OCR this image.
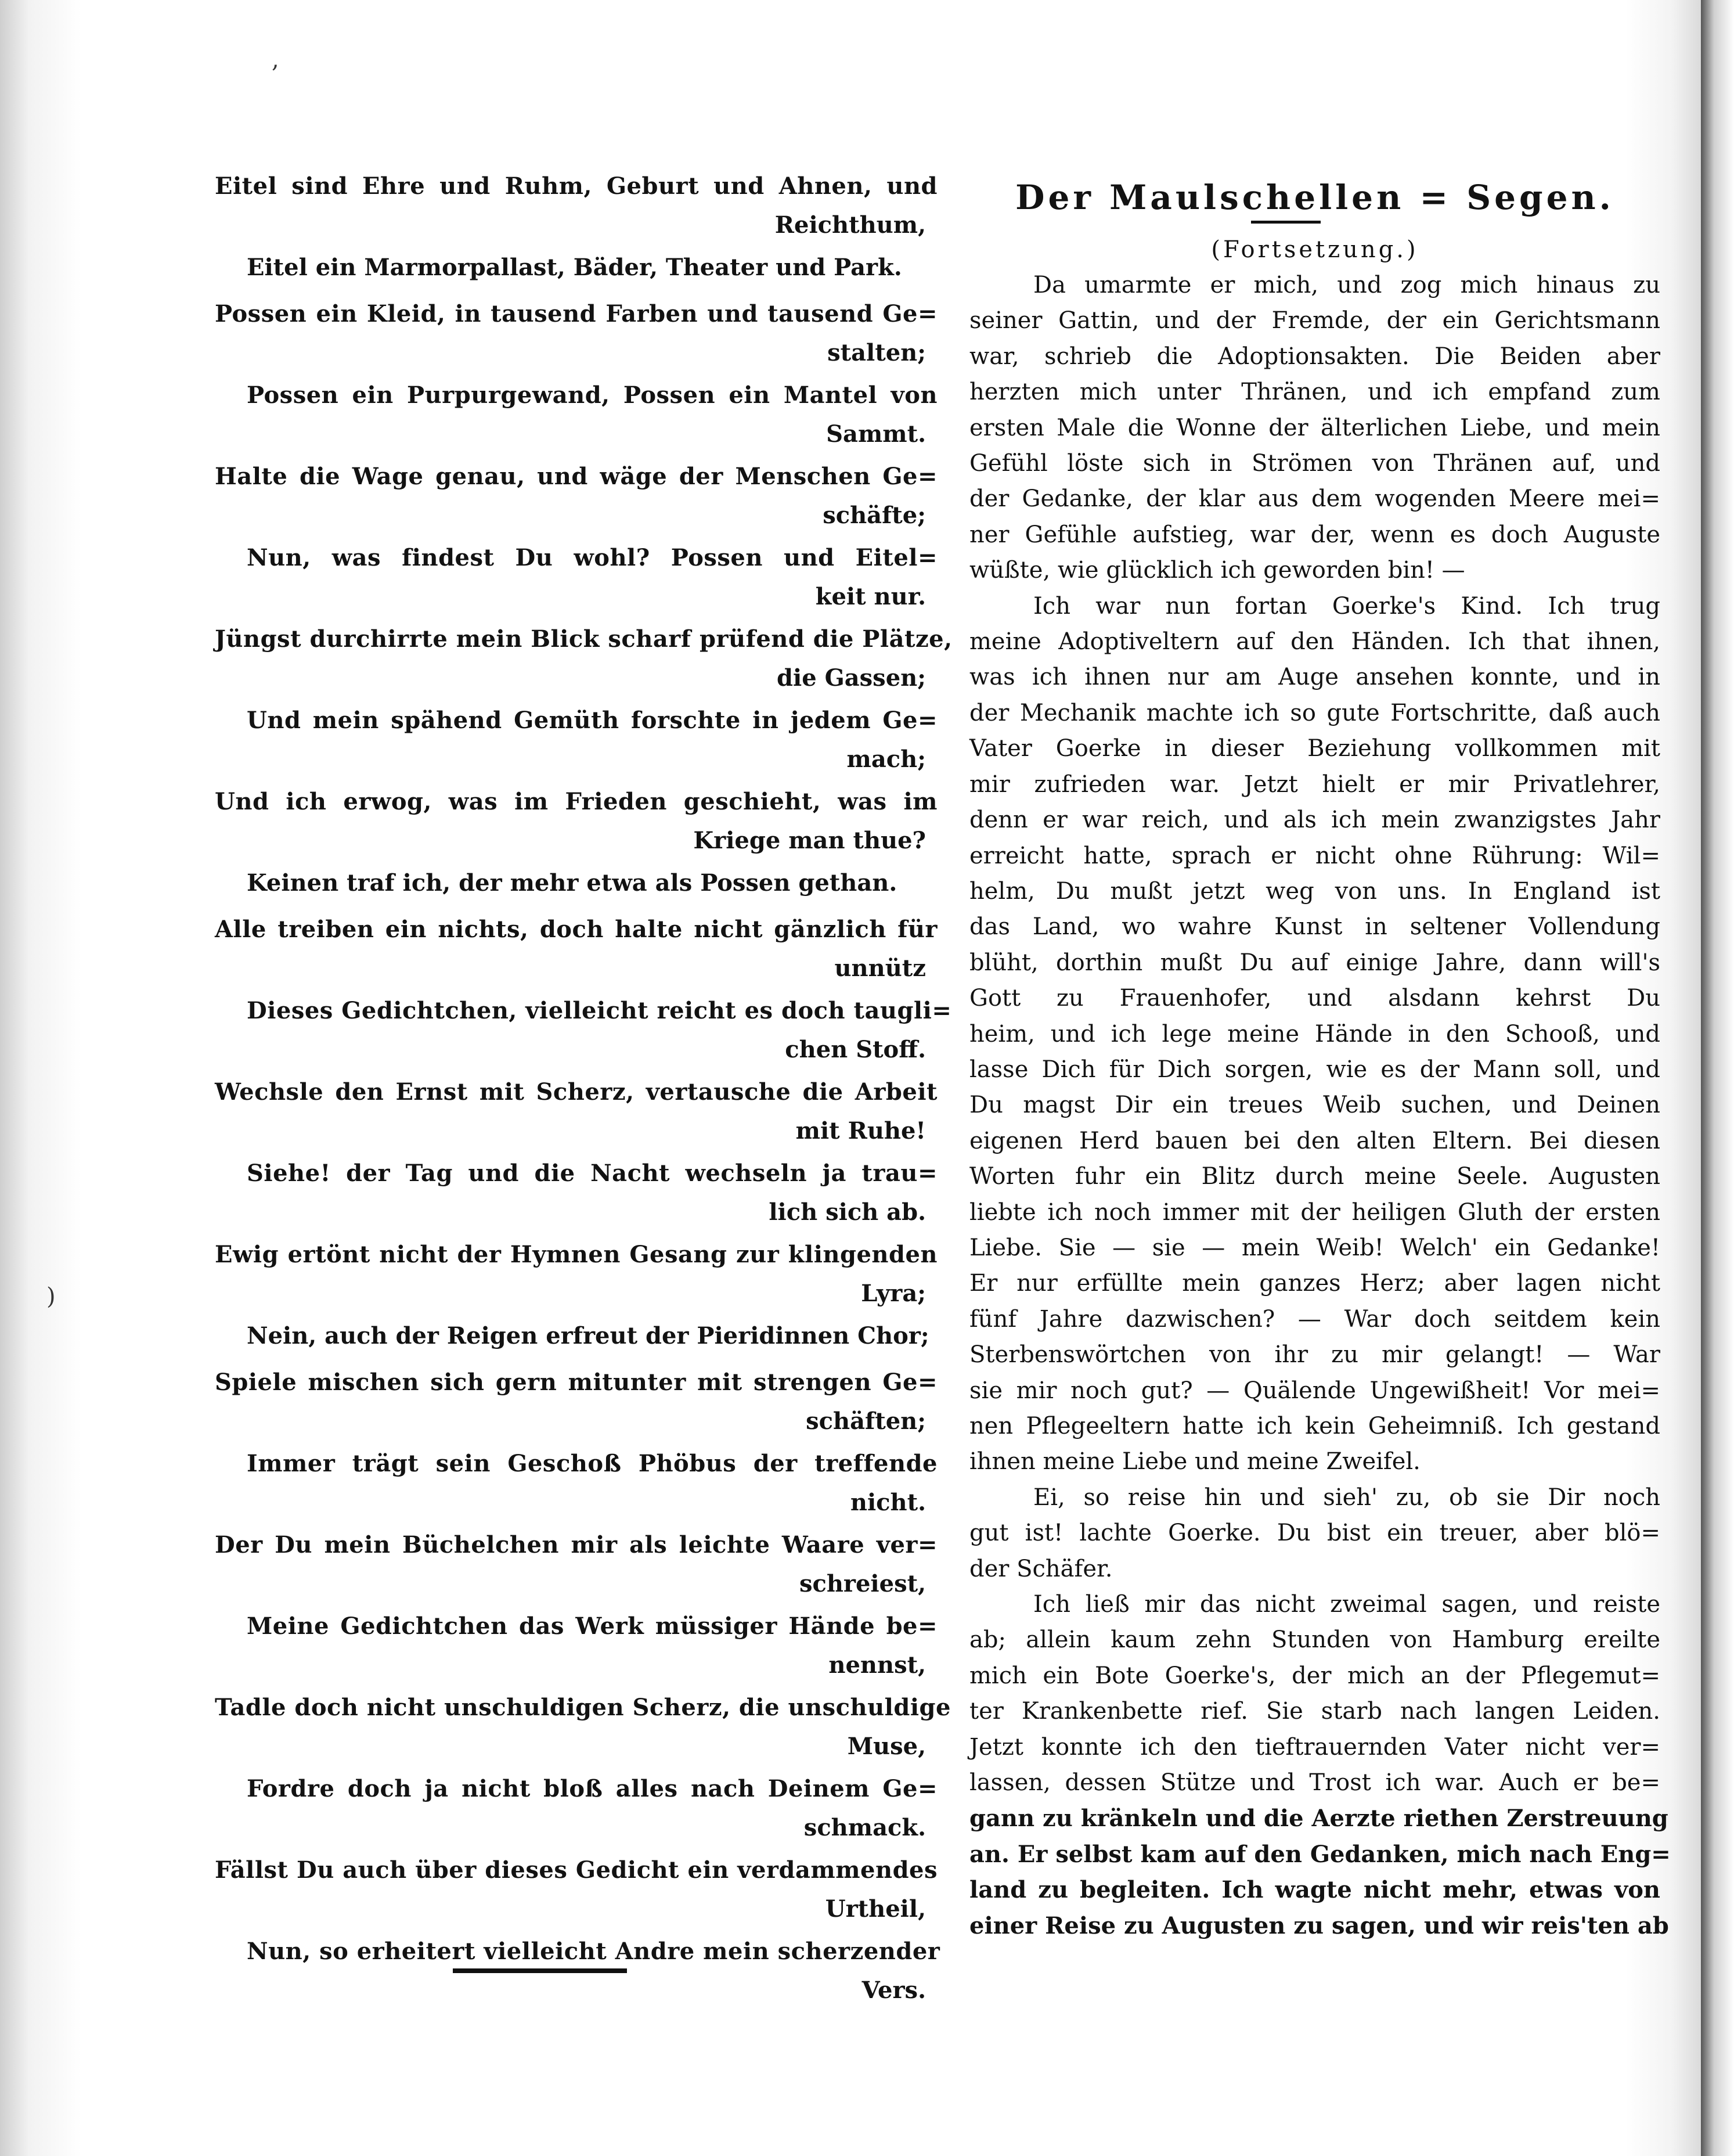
Eitel sind Ehre und Ruhm, Geburt und Ahnen, und
Reichthum,
Eitel ein Marmorpallast, Bäder, Theater und Park.
Possen ein Kleid, in tausend Farben und tausend Ge=
stalten;
Possen ein Purpurgewand, Possen ein Mantel von
Sammt.
Halte die Wage genau, und wäge der Menschen Ge=
schäfte;
Nun, was findest Du wohl? Possen und Eitel=
keit nur.
Jüngst durchirrte mein Blick scharf prüfend die Plätze,
die Gassen;
Und mein spähend Gemüth forschte in jedem Ge=
mach;
Und ich erwog, was im Frieden geschieht, was im
Kriege man thue?
Keinen traf ich, der mehr etwa als Possen gethan.
Alle treiben ein nichts, doch halte nicht gänzlich für
unnütz
Dieses Gedichtchen, vielleicht reicht es doch taugli=
chen Stoff.
Wechsle den Ernst mit Scherz, vertausche die Arbeit
mit Ruhe!
Siehe! der Tag und die Nacht wechseln ja trau=
lich sich ab.
Ewig ertönt nicht der Hymnen Gesang zur klingenden
Lyra;
Nein, auch der Reigen erfreut der Pieridinnen Chor;
Spiele mischen sich gern mitunter mit strengen Ge=
schäften;
Immer trägt sein Geschoß Phöbus der treffende
nicht.
Der Du mein Büchelchen mir als leichte Waare ver=
schreiest,
Meine Gedichtchen das Werk müssiger Hände be=
nennst,
Tadle doch nicht unschuldigen Scherz, die unschuldige
Muse,
Fordre doch ja nicht bloß alles nach Deinem Ge=
schmack.
Fällst Du auch über dieses Gedicht ein verdammendes
Urtheil,
Nun, so erheitert vielleicht Andre mein scherzender
Vers.
Der Maulschellen = Segen.
(Fortsetzung.)
Da umarmte er mich, und zog mich hinaus zu
seiner Gattin, und der Fremde, der ein Gerichtsmann
war, schrieb die Adoptionsakten. Die Beiden aber
herzten mich unter Thränen, und ich empfand zum
ersten Male die Wonne der älterlichen Liebe, und mein
Gefühl löste sich in Strömen von Thränen auf, und
der Gedanke, der klar aus dem wogenden Meere mei=
ner Gefühle aufstieg, war der, wenn es doch Auguste
wüßte, wie glücklich ich geworden bin! —
Ich war nun fortan Goerke's Kind. Ich trug
meine Adoptiveltern auf den Händen. Ich that ihnen,
was ich ihnen nur am Auge ansehen konnte, und in
der Mechanik machte ich so gute Fortschritte, daß auch
Vater Goerke in dieser Beziehung vollkommen mit
mir zufrieden war. Jetzt hielt er mir Privatlehrer,
denn er war reich, und als ich mein zwanzigstes Jahr
erreicht hatte, sprach er nicht ohne Rührung: Wil=
helm, Du mußt jetzt weg von uns. In England ist
das Land, wo wahre Kunst in seltener Vollendung
blüht, dorthin mußt Du auf einige Jahre, dann will's
Gott zu Frauenhofer, und alsdann kehrst Du
heim, und ich lege meine Hände in den Schooß, und
lasse Dich für Dich sorgen, wie es der Mann soll, und
Du magst Dir ein treues Weib suchen, und Deinen
eigenen Herd bauen bei den alten Eltern. Bei diesen
Worten fuhr ein Blitz durch meine Seele. Augusten
liebte ich noch immer mit der heiligen Gluth der ersten
Liebe. Sie — sie — mein Weib! Welch' ein Gedanke!
Er nur erfüllte mein ganzes Herz; aber lagen nicht
fünf Jahre dazwischen? — War doch seitdem kein
Sterbenswörtchen von ihr zu mir gelangt! — War
sie mir noch gut? — Quälende Ungewißheit! Vor mei=
nen Pflegeeltern hatte ich kein Geheimniß. Ich gestand
ihnen meine Liebe und meine Zweifel.
Ei, so reise hin und sieh' zu, ob sie Dir noch
gut ist! lachte Goerke. Du bist ein treuer, aber blö=
der Schäfer.
Ich ließ mir das nicht zweimal sagen, und reiste
ab; allein kaum zehn Stunden von Hamburg ereilte
mich ein Bote Goerke's, der mich an der Pflegemut=
ter Krankenbette rief. Sie starb nach langen Leiden.
Jetzt konnte ich den tieftrauernden Vater nicht ver=
lassen, dessen Stütze und Trost ich war. Auch er be=
gann zu kränkeln und die Aerzte riethen Zerstreuung
an. Er selbst kam auf den Gedanken, mich nach Eng=
land zu begleiten. Ich wagte nicht mehr, etwas von
einer Reise zu Augusten zu sagen, und wir reis'ten ab
,
)
